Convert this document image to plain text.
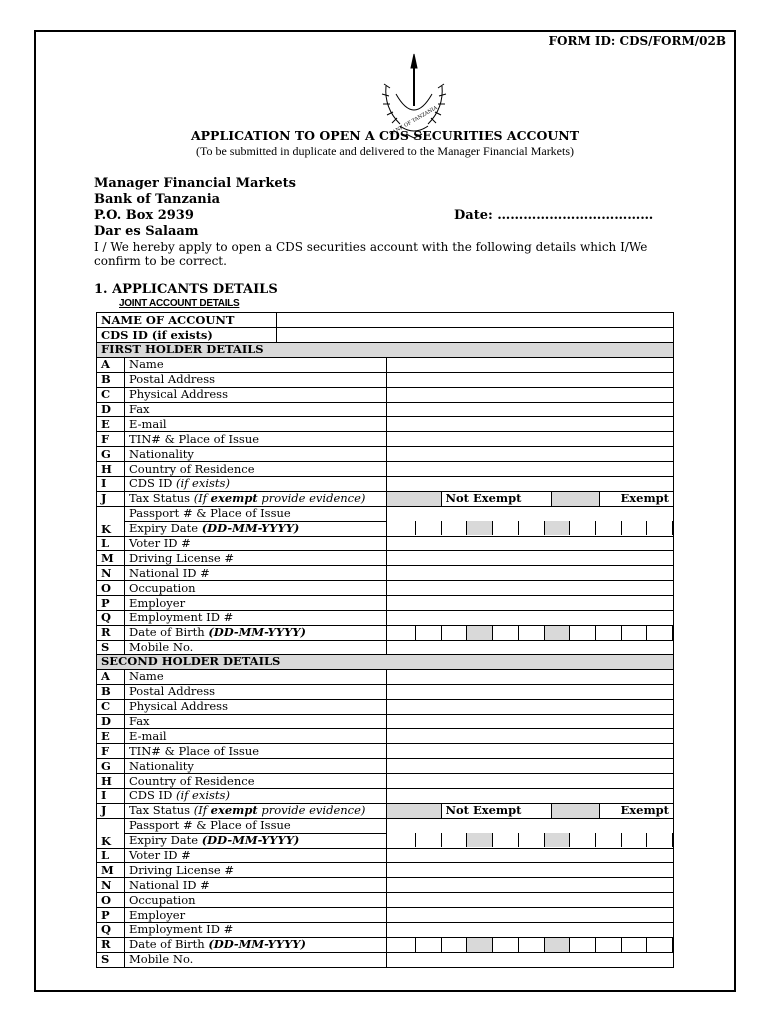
FORM ID: CDS/FORM/02B
BANK OF TANZANIA
APPLICATION TO OPEN A CDS SECURITIES ACCOUNT
(To be submitted in duplicate and delivered to the Manager Financial Markets)
Manager Financial Markets
Bank of Tanzania
P.O. Box 2939
Dar es Salaam
Date: ………………………………
I / We hereby apply to open a CDS securities account with the following details which I/We confirm to be correct.
1. APPLICANTS DETAILS
JOINT ACCOUNT DETAILS
NAME OF ACCOUNT	
CDS ID (if exists)	
FIRST HOLDER DETAILS
A	Name	
B	Postal Address	
C	Physical Address	
D	Fax	
E	E-mail	
F	TIN# & Place of Issue	
G	Nationality	
H	Country of Residence	
I	CDS ID (if exists)	
J	Tax Status (If exempt provide evidence)	
		Not Exempt		Exempt

K	Passport # & Place of Issue	
Expiry Date (DD-MM-YYYY)	

L	Voter ID #	
M	Driving License #	
N	National ID #	
O	Occupation	
P	Employer	
Q	Employment ID #	
R	Date of Birth (DD-MM-YYYY)	

S	Mobile No.	
SECOND HOLDER DETAILS
A	Name	
B	Postal Address	
C	Physical Address	
D	Fax	
E	E-mail	
F	TIN# & Place of Issue	
G	Nationality	
H	Country of Residence	
I	CDS ID (if exists)	
J	Tax Status (If exempt provide evidence)	
		Not Exempt		Exempt

K	Passport # & Place of Issue	
Expiry Date (DD-MM-YYYY)	

L	Voter ID #	
M	Driving License #	
N	National ID #	
O	Occupation	
P	Employer	
Q	Employment ID #	
R	Date of Birth (DD-MM-YYYY)	

S	Mobile No.	
